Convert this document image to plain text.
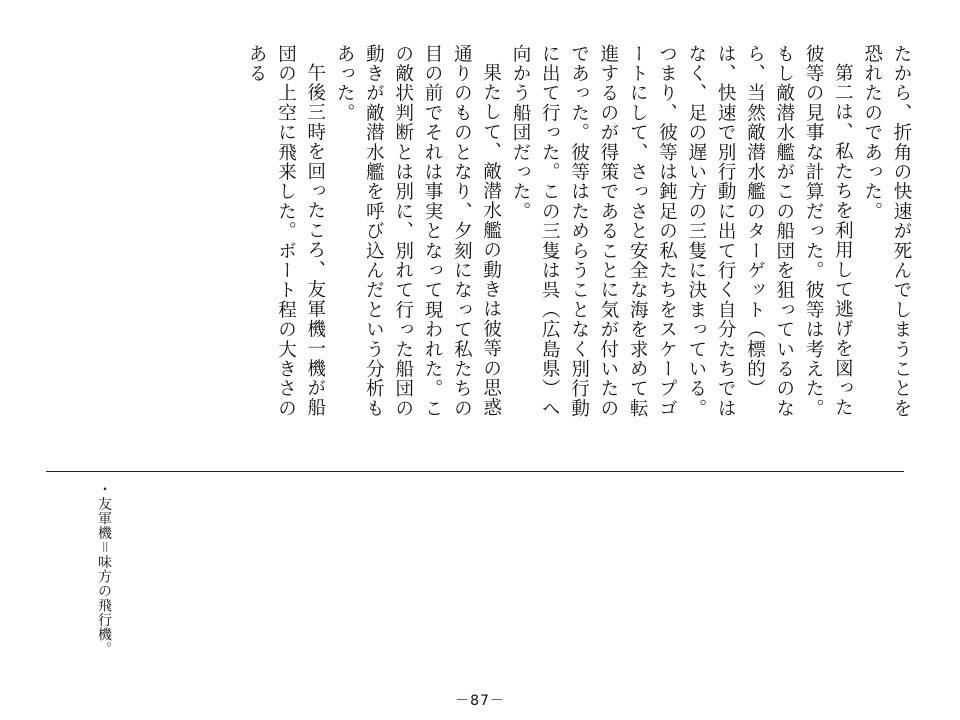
たから、折角の快速が死んでしまうことを恐れたのであった。

第二は、私たちを利用して逃げを図った彼等の見事な計算だった。彼等は考えた。もし敵潜水艦がこの船団を狙っているのなら、当然敵潜水艦のターゲット（標的）は、快速で別行動に出て行く自分たちではなく、足の遅い方の三隻に決まっている。つまり、彼等は鈍足の私たちをスケープゴートにして、さっさと安全な海を求めて転進するのが得策であることに気が付いたのであった。彼等はためらうことなく別行動に出て行った。この三隻は呉（広島県）へ向かう船団だった。

果たして、敵潜水艦の動きは彼等の思惑通りのものとなり、夕刻になって私たちの目の前でそれは事実となって現われた。この敵状判断とは別に、別れて行った船団の動きが敵潜水艦を呼び込んだという分析もあった。

午後三時を回ったころ、友軍機一機が船団の上空に飛来した。ボート程の大きさのある

・友軍機＝味方の飛行機。
－87－
